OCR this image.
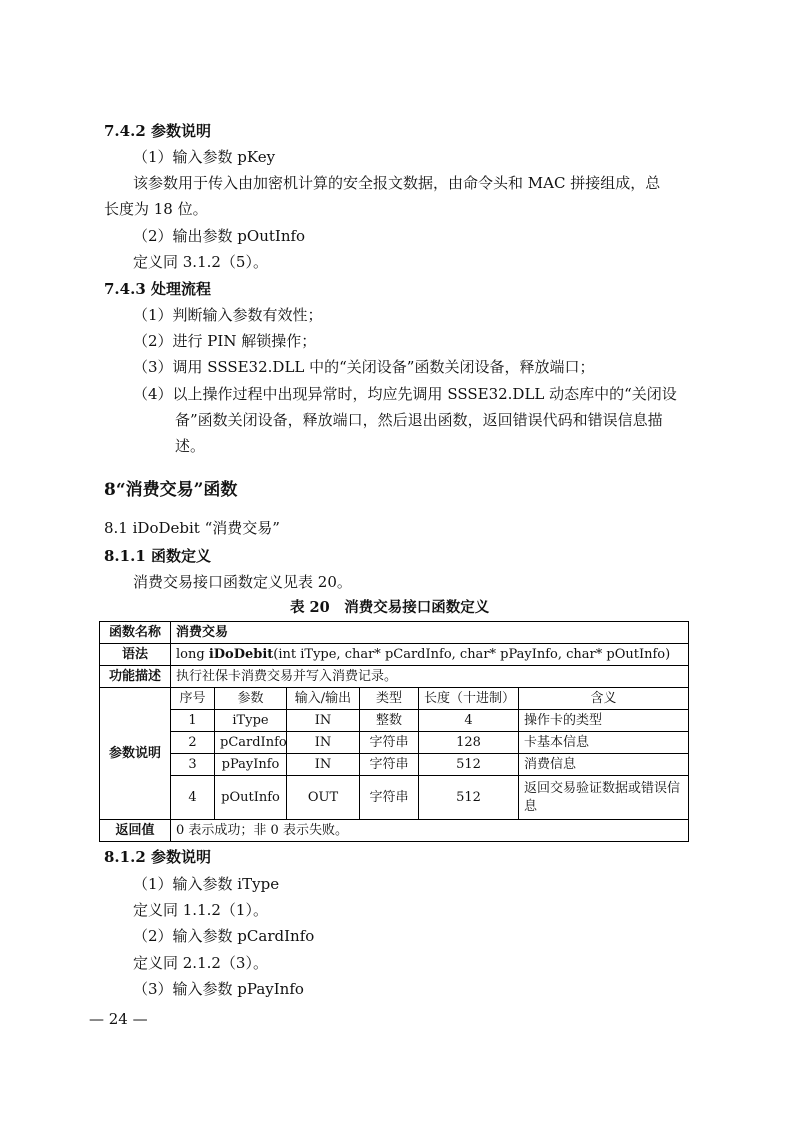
7.4.2 参数说明
（1）输入参数 pKey
该参数用于传入由加密机计算的安全报文数据，由命令头和 MAC 拼接组成，总
长度为 18 位。
（2）输出参数 pOutInfo
定义同 3.1.2（5）。
7.4.3 处理流程
（1）判断输入参数有效性；
（2）进行 PIN 解锁操作；
（3）调用 SSSE32.DLL 中的“关闭设备”函数关闭设备，释放端口；
（4）以上操作过程中出现异常时，均应先调用 SSSE32.DLL 动态库中的“关闭设
备”函数关闭设备，释放端口，然后退出函数，返回错误代码和错误信息描
述。
8“消费交易”函数
8.1 iDoDebit “消费交易”
8.1.1 函数定义
消费交易接口函数定义见表 20。
表 20　消费交易接口函数定义
函数名称	消费交易					
语法	long iDoDebit(int iType, char* pCardInfo, char* pPayInfo, char* pOutInfo)					
功能描述	执行社保卡消费交易并写入消费记录。					
参数说明	序号	参数	输入/输出	类型	长度（十进制）	含义
	1	iType	IN	整数	4	操作卡的类型
	2	pCardInfo	IN	字符串	128	卡基本信息
	3	pPayInfo	IN	字符串	512	消费信息
	4	pOutInfo	OUT	字符串	512	返回交易验证数据或错误信息
返回值	0 表示成功；非 0 表示失败。					
8.1.2 参数说明
（1）输入参数 iType
定义同 1.1.2（1）。
（2）输入参数 pCardInfo
定义同 2.1.2（3）。
（3）输入参数 pPayInfo
— 24 —
